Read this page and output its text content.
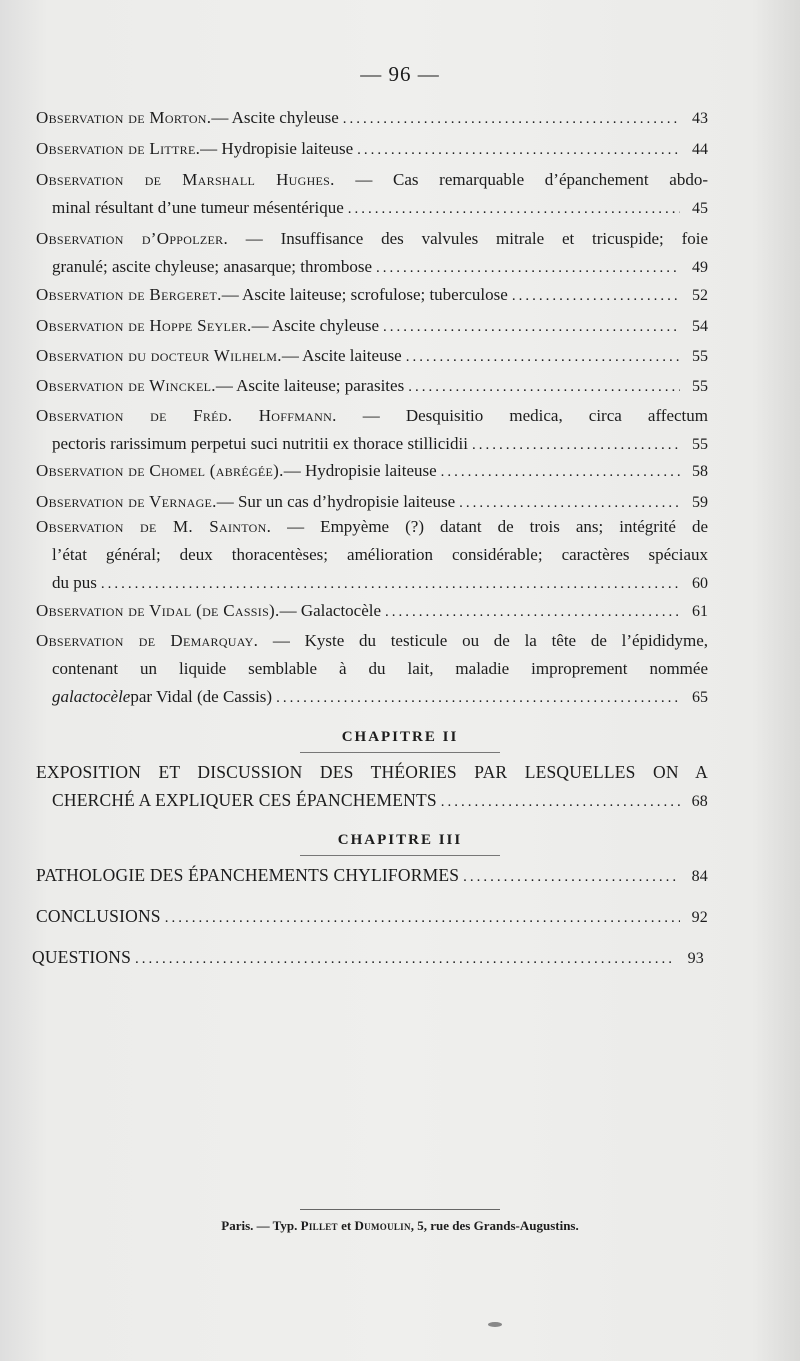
— 96 —
Observation de Morton. — Ascite chyleuse .....	43
Observation de Littre. — Hydropisie laiteuse .....	44
Observation de Marshall Hughes. — Cas remarquable d’épanchement abdo-
minal résultant d’une tumeur mésentérique .....	45
Observation d’Oppolzer. — Insuffisance des valvules mitrale et tricuspide; foie
granulé; ascite chyleuse; anasarque; thrombose .....	49
Observation de Bergeret. — Ascite laiteuse; scrofulose; tuberculose .....	52
Observation de Hoppe Seyler. — Ascite chyleuse .....	54
Observation du docteur Wilhelm. — Ascite laiteuse .....	55
Observation de Winckel. — Ascite laiteuse; parasites .....	55
Observation de Fréd. Hoffmann. — Desquisitio medica, circa affectum
pectoris rarissimum perpetui suci nutritii ex thorace stillicidii .....	55
Observation de Chomel (abrégée). — Hydropisie laiteuse .....	58
Observation de Vernage. — Sur un cas d’hydropisie laiteuse .....	59
Observation de M. Sainton. — Empyème (?) datant de trois ans; intégrité de
l’état général; deux thoracentèses; amélioration considérable; caractères spéciaux
du pus .....	60
Observation de Vidal (de Cassis). — Galactocèle .....	61
Observation de Demarquay. — Kyste du testicule ou de la tête de l’épididyme,
contenant un liquide semblable à du lait, maladie improprement nommée
galactocèle par Vidal (de Cassis) .....	65
CHAPITRE II
EXPOSITION ET DISCUSSION DES THÉORIES PAR LESQUELLES ON A
CHERCHÉ A EXPLIQUER CES ÉPANCHEMENTS .....	68
CHAPITRE III
PATHOLOGIE DES ÉPANCHEMENTS CHYLIFORMES .....	84
CONCLUSIONS .....	92
QUESTIONS .....	93
Paris. — Typ. Pillet et Dumoulin, 5, rue des Grands-Augustins.
